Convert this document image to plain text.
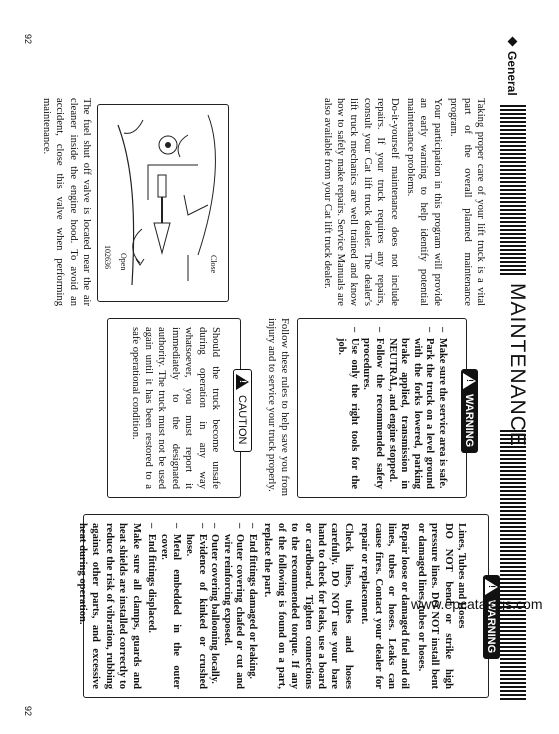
General
MAINTENANCE

Taking proper care of your lift truck is a vital part of the overall planned maintenance program.

Your participation in this program will provide an early warning to help identify potential maintenance problems.

Do-it-yourself maintenance does not include repairs. If your truck requires any repairs, consult your Cat lift truck dealer. The dealer's lift truck mechanics are well trained and know how to safely make repairs. Service Manuals are also available from your Cat lift truck dealer.

Close
Open
102636

The fuel shut off valve is located near the air cleaner inside the engine hood. To avoid an accident, close this valve when performing maintenance.

!
WARNING
– Make sure the service area is safe.
– Park the truck on a level ground with the forks lowered, parking brake applied, transmission in NEUTRAL, and engine stopped.
– Follow the recommended safety procedures.
– Use only the right tools for the job.

Follow these rules to help save you from injury and to service your truck properly.

!
CAUTION

Should the truck become unsafe during operation in any way whatsoever, you must report it immediately to the designated authority. The truck must not be used again until it has been restored to a safe operational condition.

!
WARNING

Lines, Tubes and Hoses

DO NOT bend or strike high pressure lines. DO NOT install bent or damaged lines, tubes or hoses.

Repair loose or damaged fuel and oil lines, tubes or hoses. Leaks can cause fires. Contact your dealer for repair or replacement.

Check lines, tubes and hoses carefully. DO NOT use your bare hand to check for leaks, use a board or cardboard. Tighten connections to the recommended torque. If any of the following is found on a part, replace the part.

– End fittings damaged or leaking.
– Outer covering chafed or cut and wire reinforcing exposed.
– Outer covering ballooning locally.
– Evidence of kinked or crushed hose.
– Metal embedded in the outer cover.
– End fittings displaced.

Make sure all clamps, guards and heat shields are installed correctly to reduce the risk of vibration, rubbing against other parts, and excessive heat during operation.

92
92
www.epcatalogs.com
